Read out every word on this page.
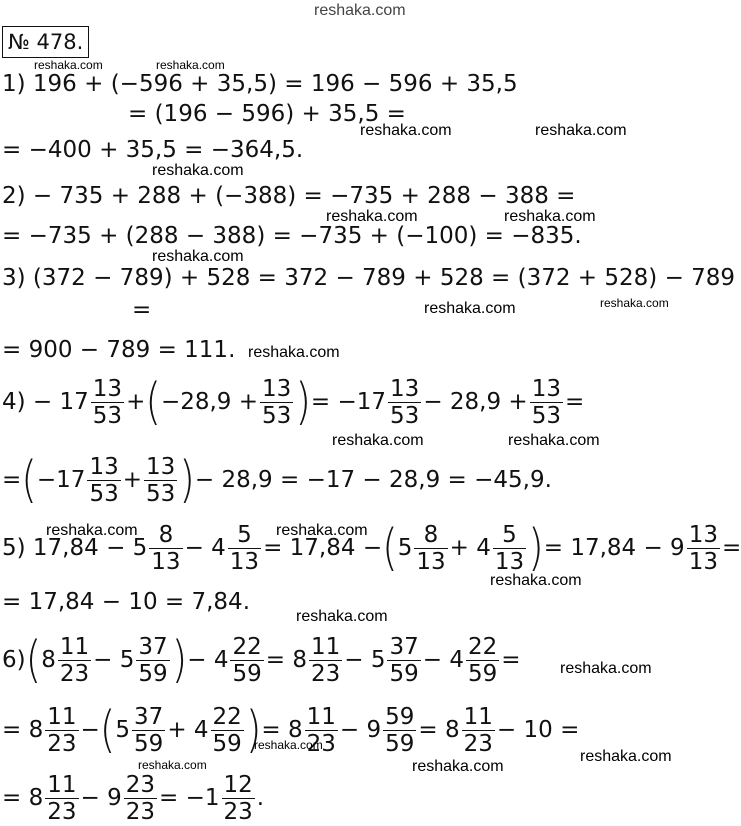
reshaka.com
№ 478.
reshaka.com	reshaka.com
1) 196 + (−596 + 35,5) = 196 − 596 + 35,5
= (196 − 596) + 35,5 =
reshaka.com	reshaka.com
= −400 + 35,5 = −364,5.
reshaka.com
2) − 735 + 288 + (−388) = −735 + 288 − 388 =
reshaka.com	reshaka.com
= −735 + (288 − 388) = −735 + (−100) = −835.
reshaka.com
3) (372 − 789) + 528 = 372 − 789 + 528 = (372 + 528) − 789
=	reshaka.com	reshaka.com
= 900 − 789 = 111. reshaka.com
$4) - 17 \frac{13}{53}$ + ( $-28,9 + \frac{13}{53}$ ) = $-17 \frac{13}{53} - 28,9 + \frac{13}{53}$ =
reshaka.com	reshaka.com
= ( $-17 \frac{13}{53} + \frac{13}{53}$ ) − 28,9 = −17 − 28,9 = −45,9.
reshaka.com	reshaka.com
5) $17,84 - 5 \frac{8}{13} - 4 \frac{5}{13} = 17,84$ − ( $5 \frac{8}{13} + 4 \frac{5}{13}$ ) = $17,84 - 9 \frac{13}{13}$ =
reshaka.com
= 17,84 − 10 = 7,84.
reshaka.com
6) ( $8 \frac{11}{23} - 5 \frac{37}{59}$ ) − $4 \frac{22}{59} = 8 \frac{11}{23} - 5 \frac{37}{59} - 4 \frac{22}{59}$ = reshaka.com
= $8 \frac{11}{23}$ − ( $5 \frac{37}{59} + 4 \frac{22}{59}$ ) = $8 \frac{11}{23} - 9 \frac{59}{59} = 8 \frac{11}{23} - 10$ =
reshaka.com
reshaka.com	reshaka.com
reshaka.com
= $8 \frac{11}{23} - 9 \frac{23}{23} = -1 \frac{12}{23}$ .
